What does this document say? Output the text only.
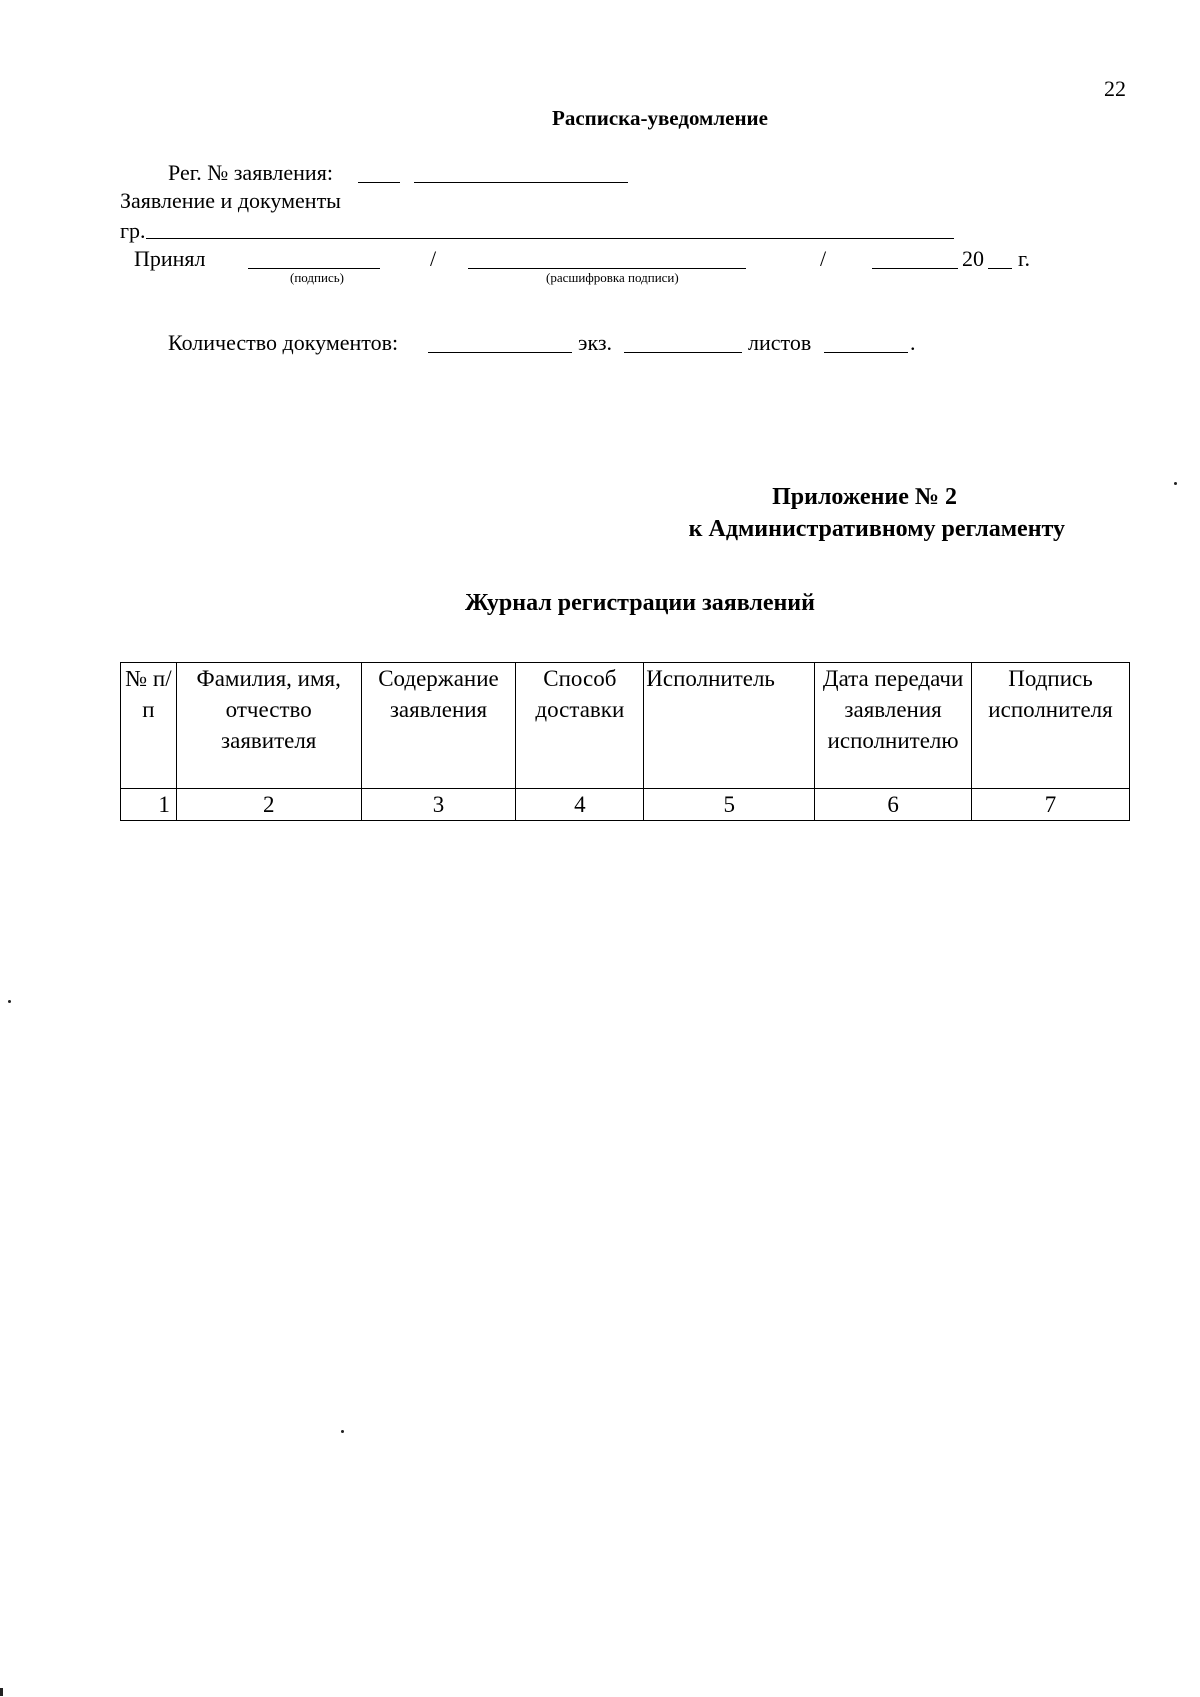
22
Расписка-уведомление
Рег. № заявления:
Заявление и документы
гр.
Принял	/	/	20 г.
(подпись)	(расшифровка подписи)
Количество документов:	экз.	листов	.
Приложение № 2
к Административному регламенту
Журнал регистрации заявлений
№ п/п	Фамилия, имя, отчество заявителя	Содержание заявления	Способ доставки	Исполнитель	Дата передачи заявления исполнителю	Подпись исполнителя
1	2	3	4	5	6	7
